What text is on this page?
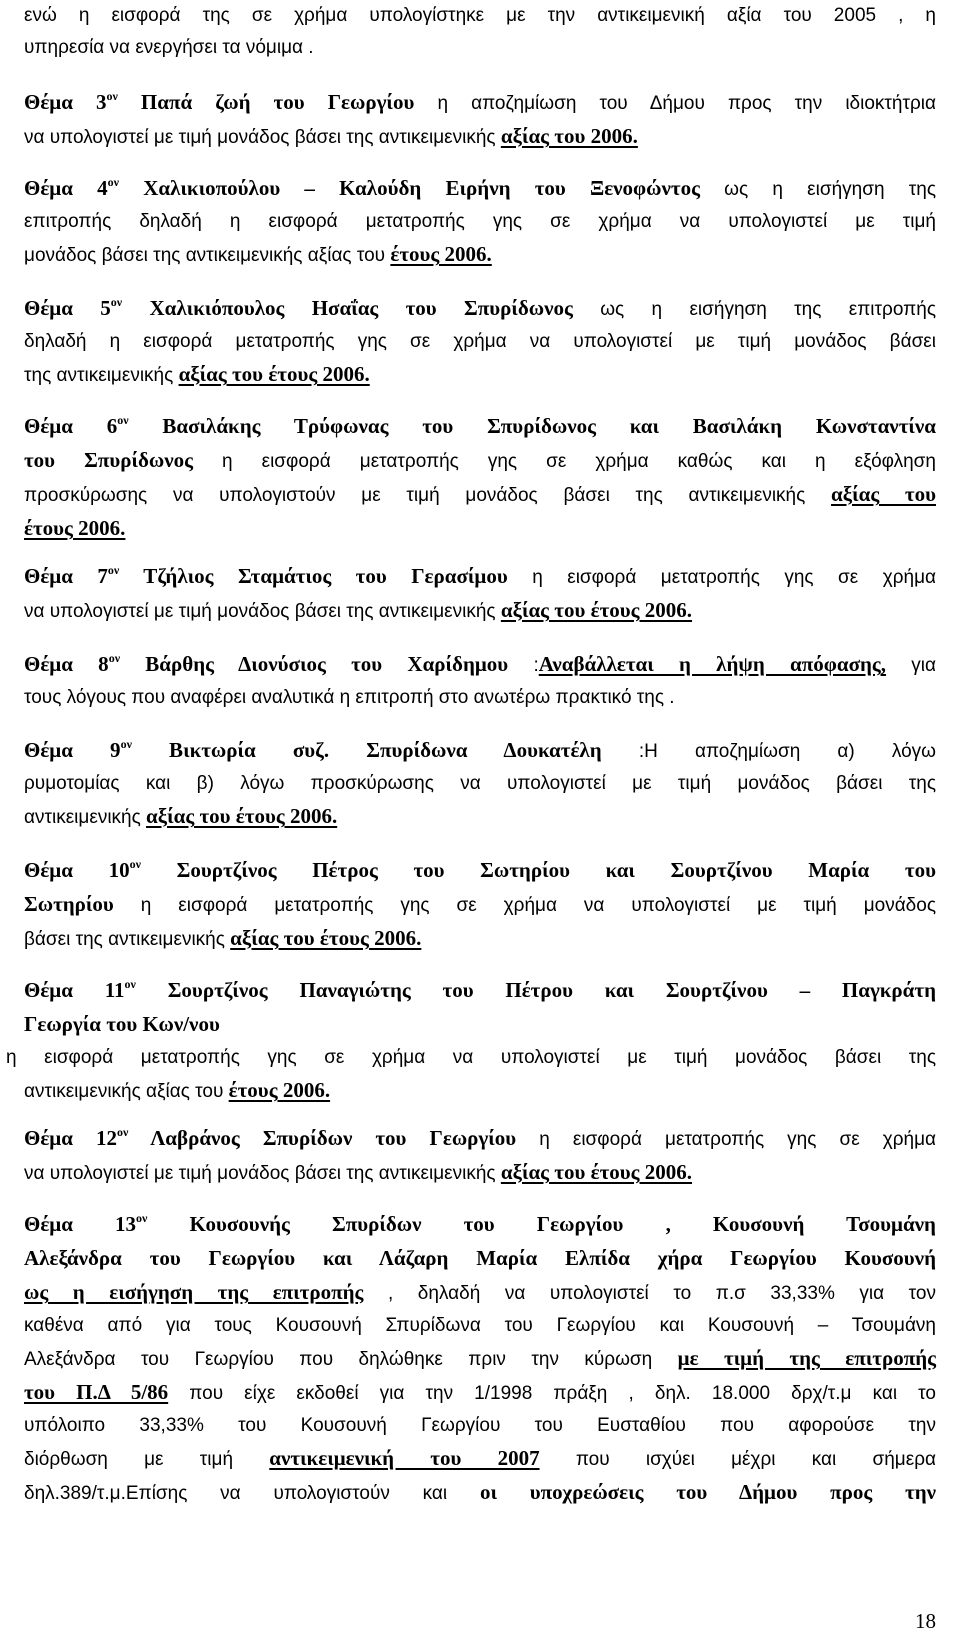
ενώ η εισφορά της σε χρήμα υπολογίστηκε με την αντικειμενική αξία του 2005 , η
υπηρεσία να ενεργήσει τα νόμιμα .
Θέμα $3^{o\nu}$ Παπά ζωή του Γεωργίου η αποζημίωση του Δήμου προς την ιδιοκτήτρια
να υπολογιστεί με τιμή μονάδος βάσει της αντικειμενικής αξίας του 2006.
Θέμα $4^{o\nu}$ Χαλικιοπούλου – Καλούδη Ειρήνη του Ξενοφώντος ως η εισήγηση της
επιτροπής δηλαδή η εισφορά μετατροπής γης σε χρήμα να υπολογιστεί με τιμή
μονάδος βάσει της αντικειμενικής αξίας του έτους 2006.
Θέμα $5^{o\nu}$ Χαλικιόπουλος Ησαΐας του Σπυρίδωνος ως η εισήγηση της επιτροπής
δηλαδή η εισφορά μετατροπής γης σε χρήμα να υπολογιστεί με τιμή μονάδος βάσει
της αντικειμενικής αξίας του έτους 2006.
Θέμα $6^{o\nu}$ Βασιλάκης Τρύφωνας του Σπυρίδωνος και Βασιλάκη Κωνσταντίνα
του Σπυρίδωνος η εισφορά μετατροπής γης σε χρήμα καθώς και η εξόφληση
προσκύρωσης να υπολογιστούν με τιμή μονάδος βάσει της αντικειμενικής αξίας του
έτους 2006.
Θέμα $7^{o\nu}$ Τζήλιος Σταμάτιος του Γερασίμου η εισφορά μετατροπής γης σε χρήμα
να υπολογιστεί με τιμή μονάδος βάσει της αντικειμενικής αξίας του έτους 2006.
Θέμα $8^{o\nu}$ Βάρθης Διονύσιος του Χαρίδημου :Αναβάλλεται η λήψη απόφασης, για
τους λόγους που αναφέρει αναλυτικά η επιτροπή στο ανωτέρω πρακτικό της .
Θέμα $9^{o\nu}$ Βικτωρία συζ. Σπυρίδωνα Δουκατέλη :Η αποζημίωση α) λόγω
ρυμοτομίας και β) λόγω προσκύρωσης να υπολογιστεί με τιμή μονάδος βάσει της
αντικειμενικής αξίας του έτους 2006.
Θέμα $10^{o\nu}$ Σουρτζίνος Πέτρος του Σωτηρίου και Σουρτζίνου Μαρία του
Σωτηρίου η εισφορά μετατροπής γης σε χρήμα να υπολογιστεί με τιμή μονάδος
βάσει της αντικειμενικής αξίας του έτους 2006.
Θέμα $11^{o\nu}$ Σουρτζίνος Παναγιώτης του Πέτρου και Σουρτζίνου – Παγκράτη
Γεωργία του Κων/νου
η εισφορά μετατροπής γης σε χρήμα να υπολογιστεί με τιμή μονάδος βάσει της
αντικειμενικής αξίας του έτους 2006.
Θέμα $12^{o\nu}$ Λαβράνος Σπυρίδων του Γεωργίου η εισφορά μετατροπής γης σε χρήμα
να υπολογιστεί με τιμή μονάδος βάσει της αντικειμενικής αξίας του έτους 2006.
Θέμα $13^{o\nu}$ Κουσουνής Σπυρίδων του Γεωργίου , Κουσουνή Τσουμάνη
Αλεξάνδρα του Γεωργίου και Λάζαρη Μαρία Ελπίδα χήρα Γεωργίου Κουσουνή
ως η εισήγηση της επιτροπής , δηλαδή να υπολογιστεί το π.σ 33,33% για τον
καθένα από για τους Κουσουνή Σπυρίδωνα του Γεωργίου και Κουσουνή – Τσουμάνη
Αλεξάνδρα του Γεωργίου που δηλώθηκε πριν την κύρωση με τιμή της επιτροπής
του Π.Δ 5/86 που είχε εκδοθεί για την 1/1998 πράξη , δηλ. 18.000 δρχ/τ.μ και το
υπόλοιπο 33,33% του Κουσουνή Γεωργίου του Ευσταθίου που αφορούσε την
διόρθωση με τιμή αντικειμενική του 2007 που ισχύει μέχρι και σήμερα
δηλ.389/τ.μ.Επίσης να υπολογιστούν και οι υποχρεώσεις του Δήμου προς την
18
